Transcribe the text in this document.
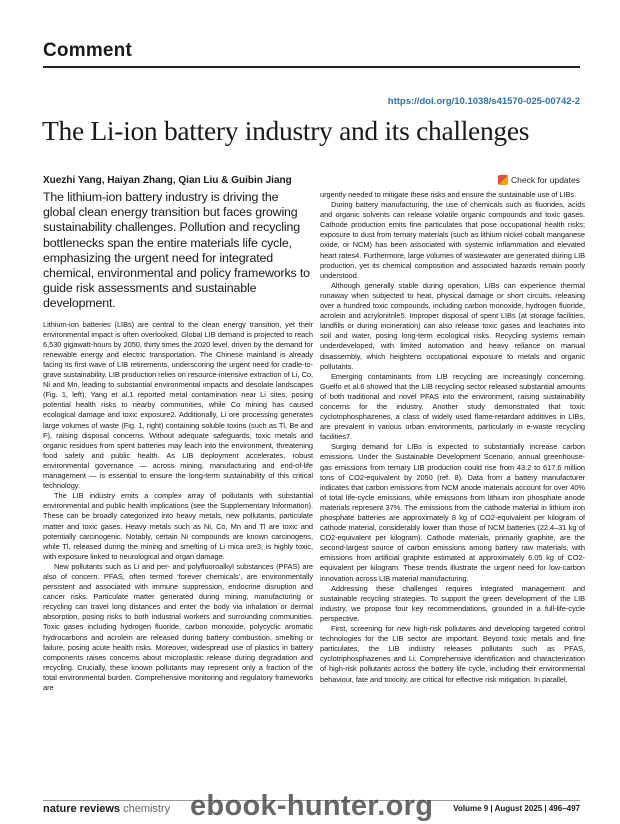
Comment
https://doi.org/10.1038/s41570-025-00742-2
The Li-ion battery industry and its challenges
Xuezhi Yang, Haiyan Zhang, Qian Liu & Guibin Jiang	Check for updates

The lithium-ion battery industry is driving the global clean energy transition but faces growing sustainability challenges. Pollution and recycling bottlenecks span the entire materials life cycle, emphasizing the urgent need for integrated chemical, environmental and policy frameworks to guide risk assessments and sustainable development.

Lithium-ion batteries (LIBs) are central to the clean energy transition, yet their environmental impact is often overlooked. Global LIB demand is projected to reach 6,530 gigawatt-hours by 2050, thirty times the 2020 level, driven by the demand for renewable energy and electric transportation. The Chinese mainland is already facing its first wave of LIB retirements, underscoring the urgent need for cradle-to-grave sustainability. LIB production relies on resource-intensive extraction of Li, Co, Ni and Mn, leading to substantial environmental impacts and desolate landscapes (Fig. 1, left). Yang et al.1 reported metal contamination near Li sites, posing potential health risks to nearby communities, while Co mining has caused ecological damage and toxic exposure2. Additionally, Li ore processing generates large volumes of waste (Fig. 1, right) containing soluble toxins (such as Tl, Be and F), raising disposal concerns. Without adequate safeguards, toxic metals and organic residues from spent batteries may leach into the environment, threatening food safety and public health. As LIB deployment accelerates, robust environmental governance — across mining, manufacturing and end-of-life management — is essential to ensure the long-term sustainability of this critical technology.

The LIB industry emits a complex array of pollutants with substantial environmental and public health implications (see the Supplementary Information). These can be broadly categorized into heavy metals, new pollutants, particulate matter and toxic gases. Heavy metals such as Ni, Co, Mn and Tl are toxic and potentially carcinogenic. Notably, certain Ni compounds are known carcinogens, while Tl, released during the mining and smelting of Li mica ore3, is highly toxic, with exposure linked to neurological and organ damage.

New pollutants such as Li and per- and polyfluoroalkyl substances (PFAS) are also of concern. PFAS, often termed ‘forever chemicals’, are environmentally persistent and associated with immune suppression, endocrine disruption and cancer risks. Particulate matter generated during mining, manufacturing or recycling can travel long distances and enter the body via inhalation or dermal absorption, posing risks to both industrial workers and surrounding communities. Toxic gases including hydrogen fluoride, carbon monoxide, polycyclic aromatic hydrocarbons and acrolein are released during battery combustion, smelting or failure, posing acute health risks. Moreover, widespread use of plastics in battery components raises concerns about microplastic release during degradation and recycling. Crucially, these known pollutants may represent only a fraction of the total environmental burden. Comprehensive monitoring and regulatory frameworks are

urgently needed to mitigate these risks and ensure the sustainable use of LIBs.

During battery manufacturing, the use of chemicals such as fluorides, acids and organic solvents can release volatile organic compounds and toxic gases. Cathode production emits fine particulates that pose occupational health risks; exposure to dust from ternary materials (such as lithium nickel cobalt manganese oxide, or NCM) has been associated with systemic inflammation and elevated heart rates4. Furthermore, large volumes of wastewater are generated during LIB production, yet its chemical composition and associated hazards remain poorly understood.

Although generally stable during operation, LIBs can experience thermal runaway when subjected to heat, physical damage or short circuits, releasing over a hundred toxic compounds, including carbon monoxide, hydrogen fluoride, acrolein and acrylonitrile5. Improper disposal of spent LIBs (at storage facilities, landfills or during incineration) can also release toxic gases and leachates into soil and water, posing long-term ecological risks. Recycling systems remain underdeveloped, with limited automation and heavy reliance on manual disassembly, which heightens occupational exposure to metals and organic pollutants.

Emerging contaminants from LIB recycling are increasingly concerning. Guelfo et al.6 showed that the LIB recycling sector released substantial amounts of both traditional and novel PFAS into the environment, raising sustainability concerns for the industry. Another study demonstrated that toxic cyclotriphosphazenes, a class of widely used flame-retardant additives in LIBs, are prevalent in various urban environments, particularly in e-waste recycling facilities7.

Surging demand for LIBs is expected to substantially increase carbon emissions. Under the Sustainable Development Scenario, annual greenhouse-gas emissions from ternary LIB production could rise from 43.2 to 617.6 million tons of CO2-equivalent by 2050 (ref. 8). Data from a battery manufacturer indicates that carbon emissions from NCM anode materials account for over 40% of total life-cycle emissions, while emissions from lithium iron phosphate anode materials represent 37%. The emissions from the cathode material in lithium iron phosphate batteries are approximately 8 kg of CO2-equivalent per kilogram of cathode material, considerably lower than those of NCM batteries (22.4–31 kg of CO2-equivalent per kilogram). Cathode materials, primarily graphite, are the second-largest source of carbon emissions among battery raw materials, with emissions from artificial graphite estimated at approximately 6.05 kg of CO2-equivalent per kilogram. These trends illustrate the urgent need for low-carbon innovation across LIB material manufacturing.

Addressing these challenges requires integrated management and sustainable recycling strategies. To support the green development of the LIB industry, we propose four key recommendations, grounded in a full-life-cycle perspective.

First, screening for new high-risk pollutants and developing targeted control technologies for the LIB sector are important. Beyond toxic metals and fine particulates, the LIB industry releases pollutants such as PFAS, cyclotriphosphazenes and Li. Comprehensive identification and characterization of high-risk pollutants across the battery life cycle, including their environmental behaviour, fate and toxicity, are critical for effective risk mitigation. In parallel,

nature reviews chemistry	Volume 9 | August 2025 | 496–497
ebook-hunter.org
